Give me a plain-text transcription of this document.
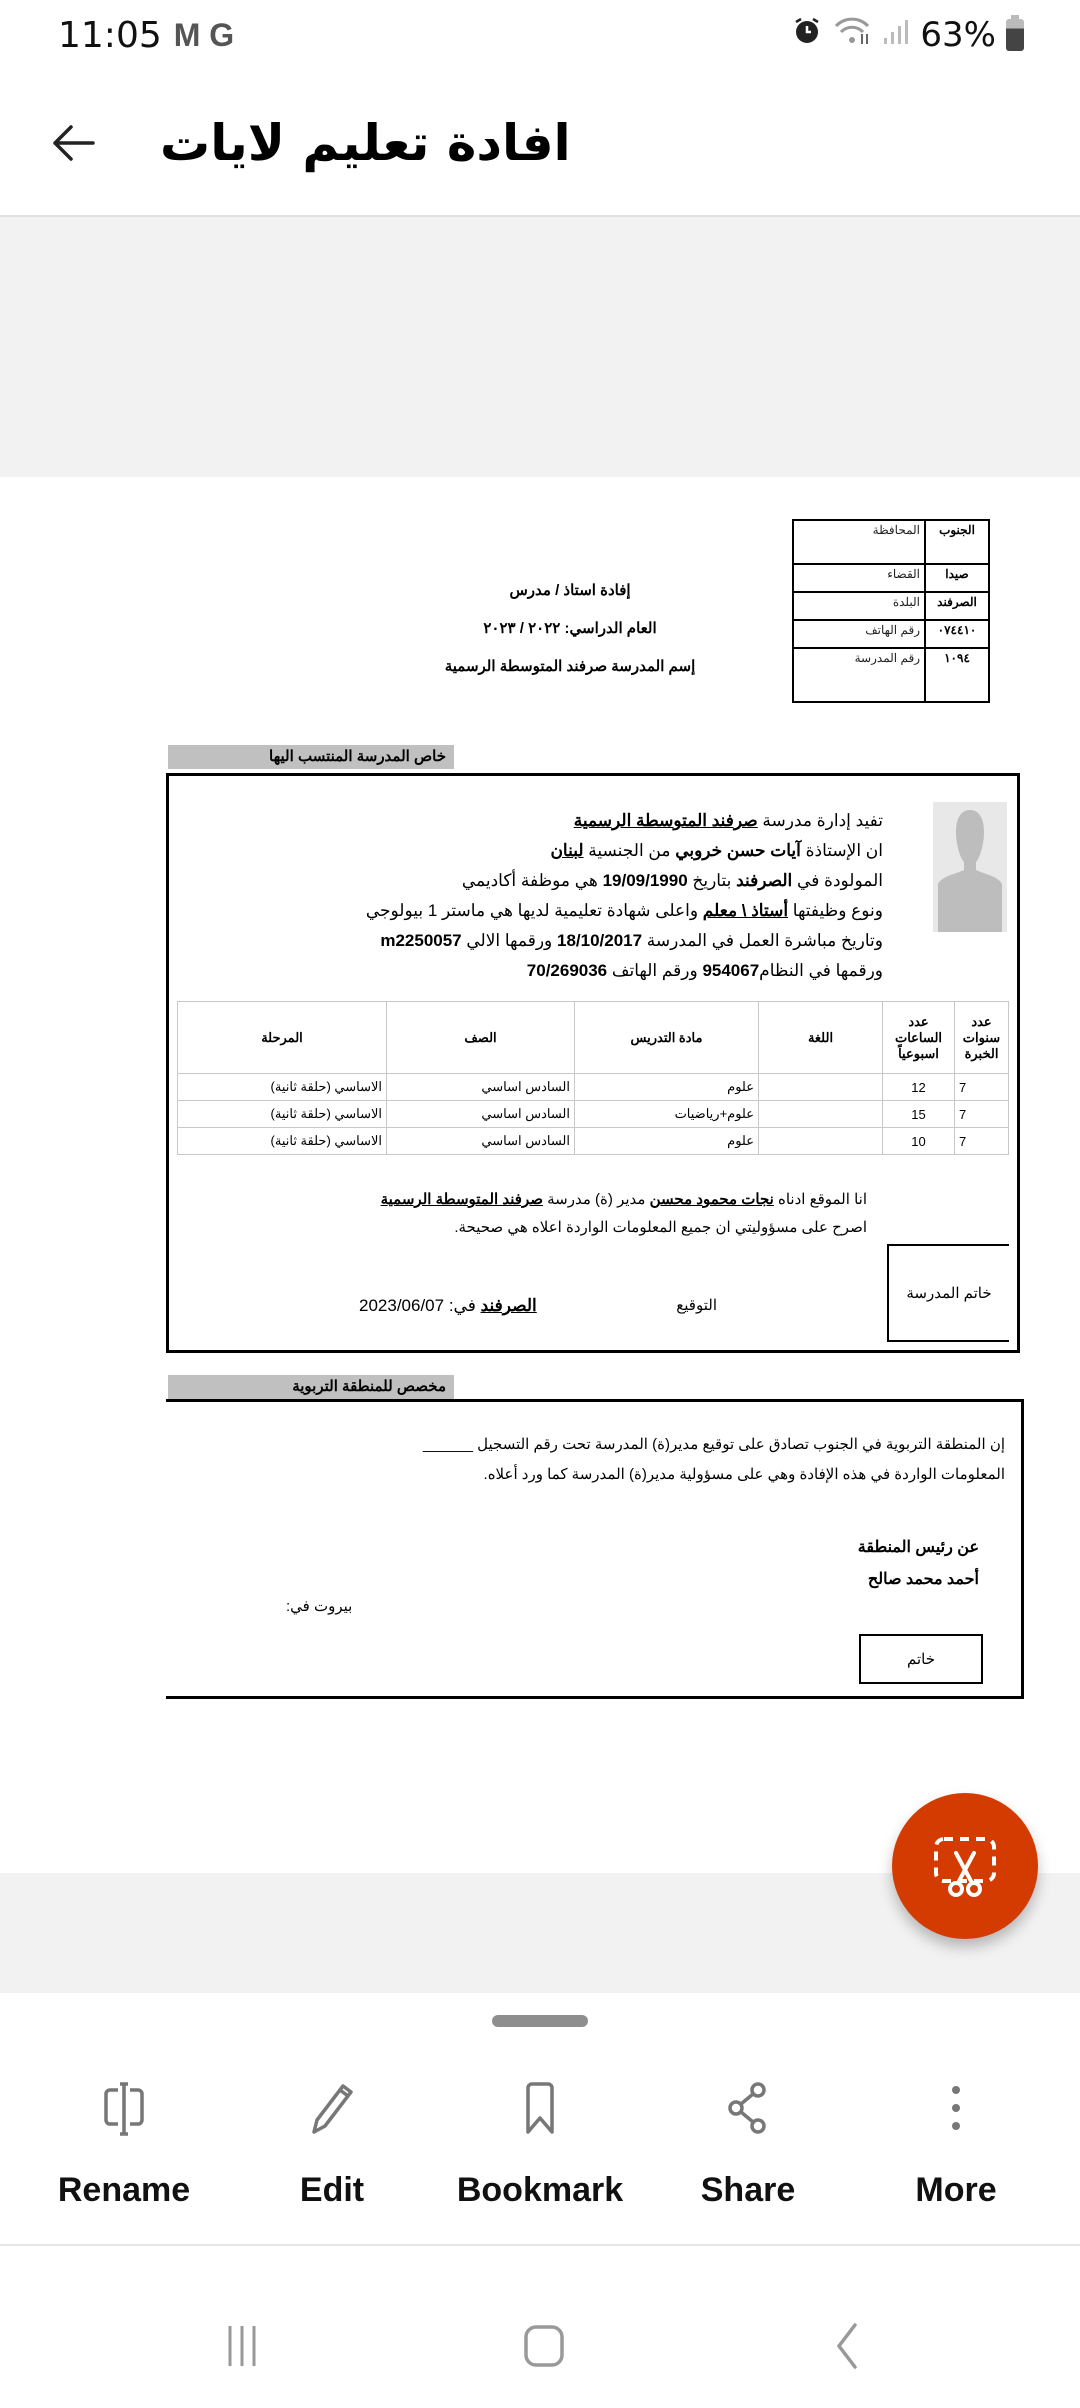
11:05 M G	63%
افادة تعليم لايات
الجنوب	المحافظة
صيدا	القضاء
الصرفند	البلدة
٠٧٤٤١٠	رقم الهاتف
١٠٩٤	رقم المدرسة
إفادة استاذ / مدرس
العام الدراسي: ٢٠٢٢ / ٢٠٢٣
إسم المدرسة صرفند المتوسطة الرسمية
خاص المدرسة المنتسب اليها
تفيد إدارة مدرسة صرفند المتوسطة الرسمية
ان الإستاذة آيات حسن خروبي من الجنسية لبنان
المولودة في الصرفند بتاريخ 19/09/1990 هي موظفة أكاديمي
ونوع وظيفتها أستاذ \ معلم واعلى شهادة تعليمية لديها هي ماستر 1 بيولوجي
وتاريخ مباشرة العمل في المدرسة 18/10/2017 ورقمها الالي m2250057
ورقمها في النظام954067 ورقم الهاتف 70/269036
عدد سنوات الخبرة	عدد الساعات اسبوعياً	اللغة	مادة التدريس	الصف	المرحلة
7	12		علوم	السادس اساسي	الاساسي (حلقة ثانية)
7	15		علوم+رياضيات	السادس اساسي	الاساسي (حلقة ثانية)
7	10		علوم	السادس اساسي	الاساسي (حلقة ثانية)
انا الموقع ادناه نجات محمود محسن مدير (ة) مدرسة صرفند المتوسطة الرسمية
اصرح على مسؤوليتي ان جميع المعلومات الواردة اعلاه هي صحيحة.
خاتم المدرسة
التوقيع
الصرفند في: 2023/06/07
مخصص للمنطقة التربوية
إن المنطقة التربوية في الجنوب تصادق على توقيع مدير(ة) المدرسة تحت رقم التسجيل ______
المعلومات الواردة في هذه الإفادة وهي على مسؤولية مدير(ة) المدرسة كما ورد أعلاه.
عن رئيس المنطقة
أحمد محمد صالح
بيروت في:
خاتم
Rename	Edit	Bookmark Share	More
